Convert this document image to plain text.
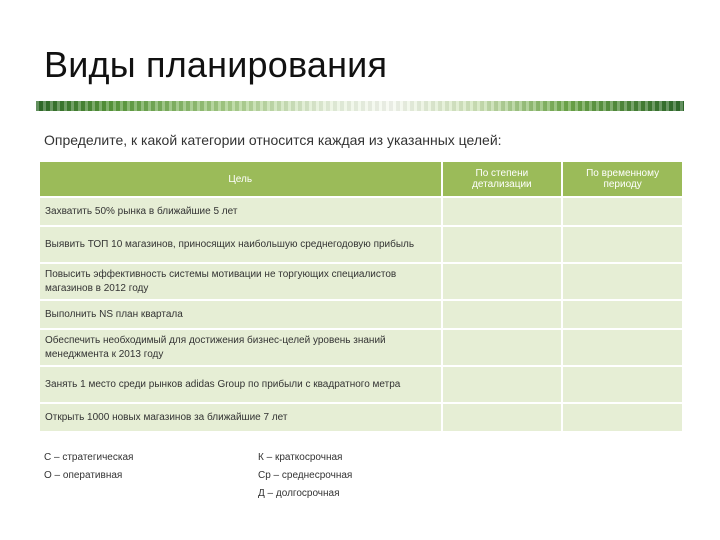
Виды планирования
Определите, к какой категории относится каждая из указанных целей:
Цель	По степени детализации	По временному периоду
Захватить 50% рынка в ближайшие 5 лет		
Выявить ТОП 10 магазинов, приносящих наибольшую среднегодовую прибыль		
Повысить эффективность системы мотивации не торгующих специалистов магазинов в 2012 году		
Выполнить NS план квартала		
Обеспечить необходимый для достижения бизнес-целей уровень знаний менеджмента к 2013 году		
Занять 1 место среди рынков adidas Group по прибыли с квадратного метра		
Открыть 1000 новых магазинов за ближайшие 7 лет		
С – стратегическая
О – оперативная
К – краткосрочная
Ср – среднесрочная
Д – долгосрочная
